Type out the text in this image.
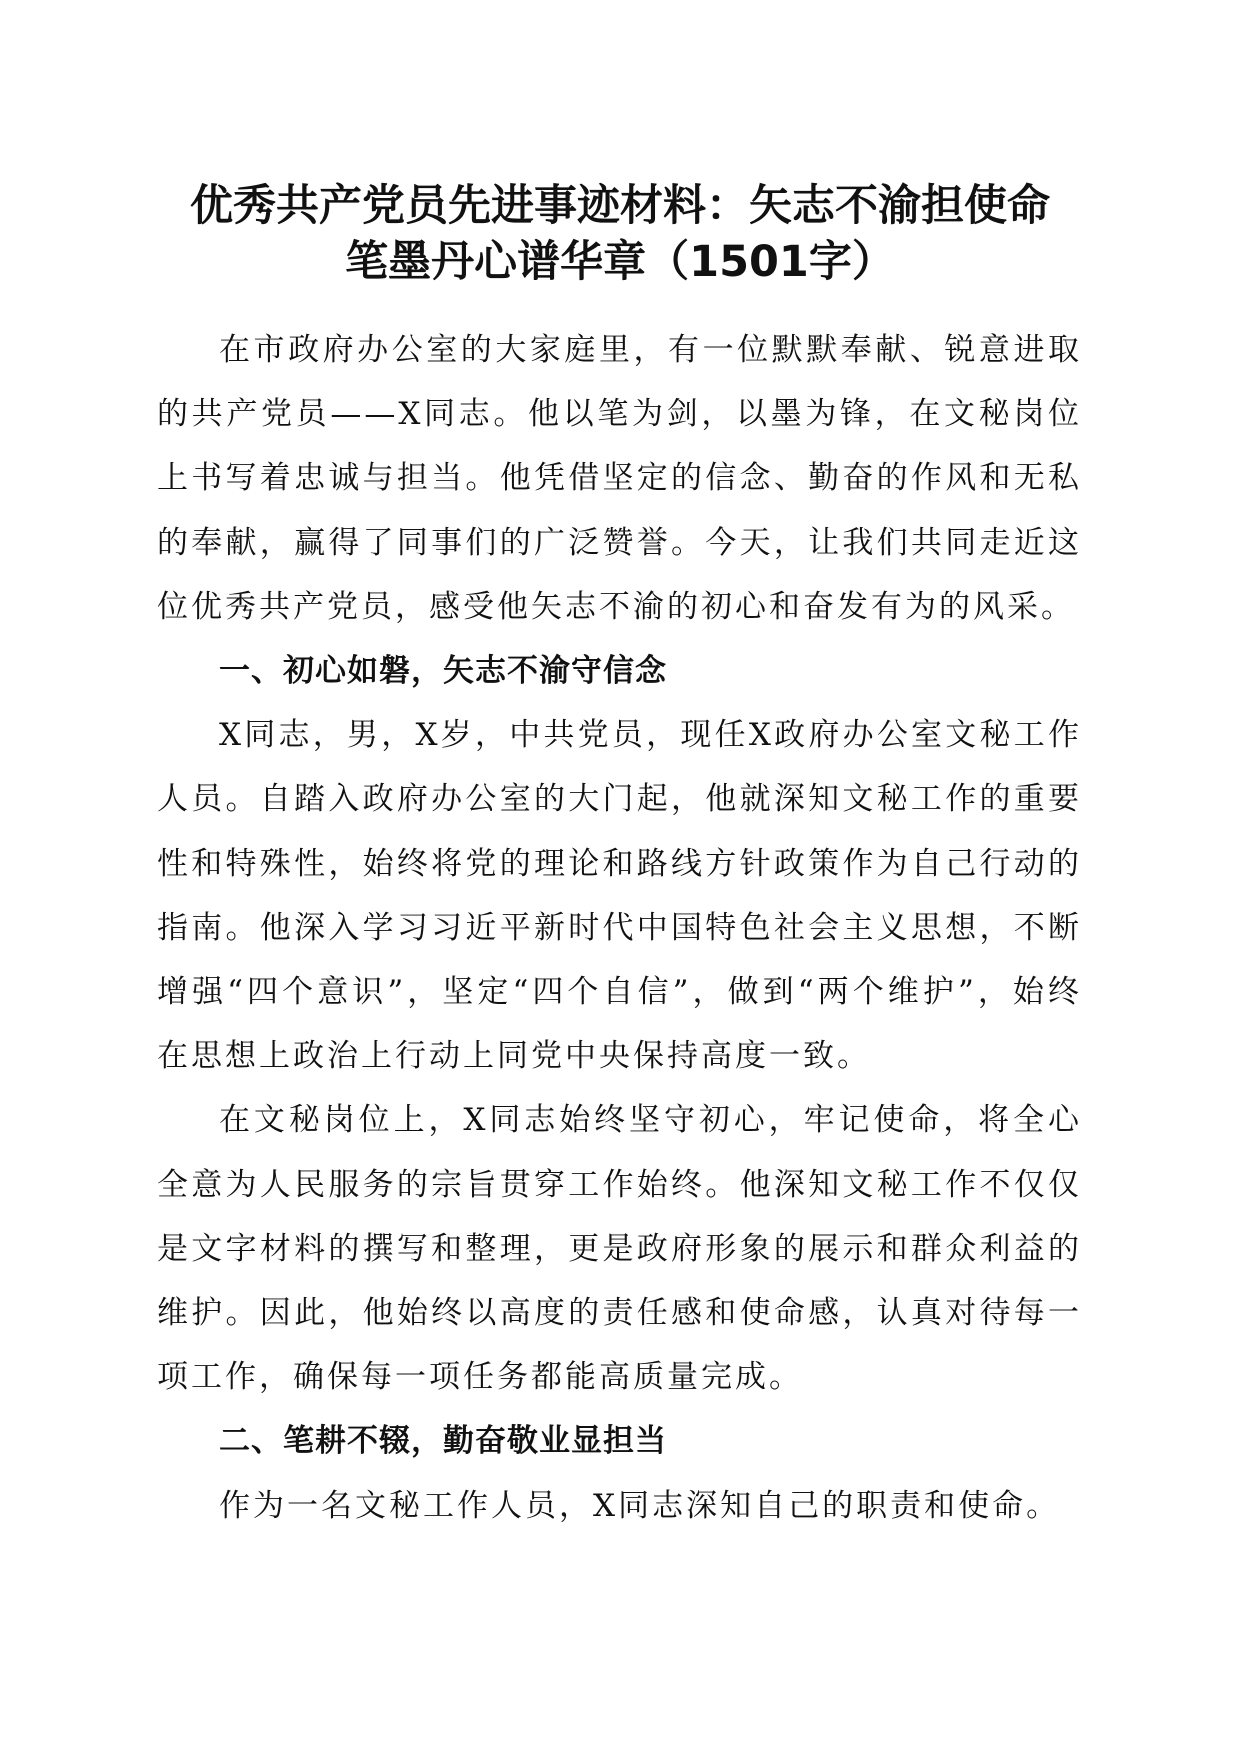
优秀共产党员先进事迹材料：矢志不渝担使命
笔墨丹心谱华章（1501字）

在市政府办公室的大家庭里，有一位默默奉献、锐意进取的共产党员——X同志。他以笔为剑，以墨为锋，在文秘岗位上书写着忠诚与担当。他凭借坚定的信念、勤奋的作风和无私的奉献，赢得了同事们的广泛赞誉。今天，让我们共同走近这位优秀共产党员，感受他矢志不渝的初心和奋发有为的风采。

一、初心如磐，矢志不渝守信念

X同志，男，X岁，中共党员，现任X政府办公室文秘工作人员。自踏入政府办公室的大门起，他就深知文秘工作的重要性和特殊性，始终将党的理论和路线方针政策作为自己行动的指南。他深入学习习近平新时代中国特色社会主义思想，不断增强“四个意识”，坚定“四个自信”，做到“两个维护”，始终在思想上政治上行动上同党中央保持高度一致。

在文秘岗位上，X同志始终坚守初心，牢记使命，将全心全意为人民服务的宗旨贯穿工作始终。他深知文秘工作不仅仅是文字材料的撰写和整理，更是政府形象的展示和群众利益的维护。因此，他始终以高度的责任感和使命感，认真对待每一项工作，确保每一项任务都能高质量完成。

二、笔耕不辍，勤奋敬业显担当

作为一名文秘工作人员，X同志深知自己的职责和使命。
